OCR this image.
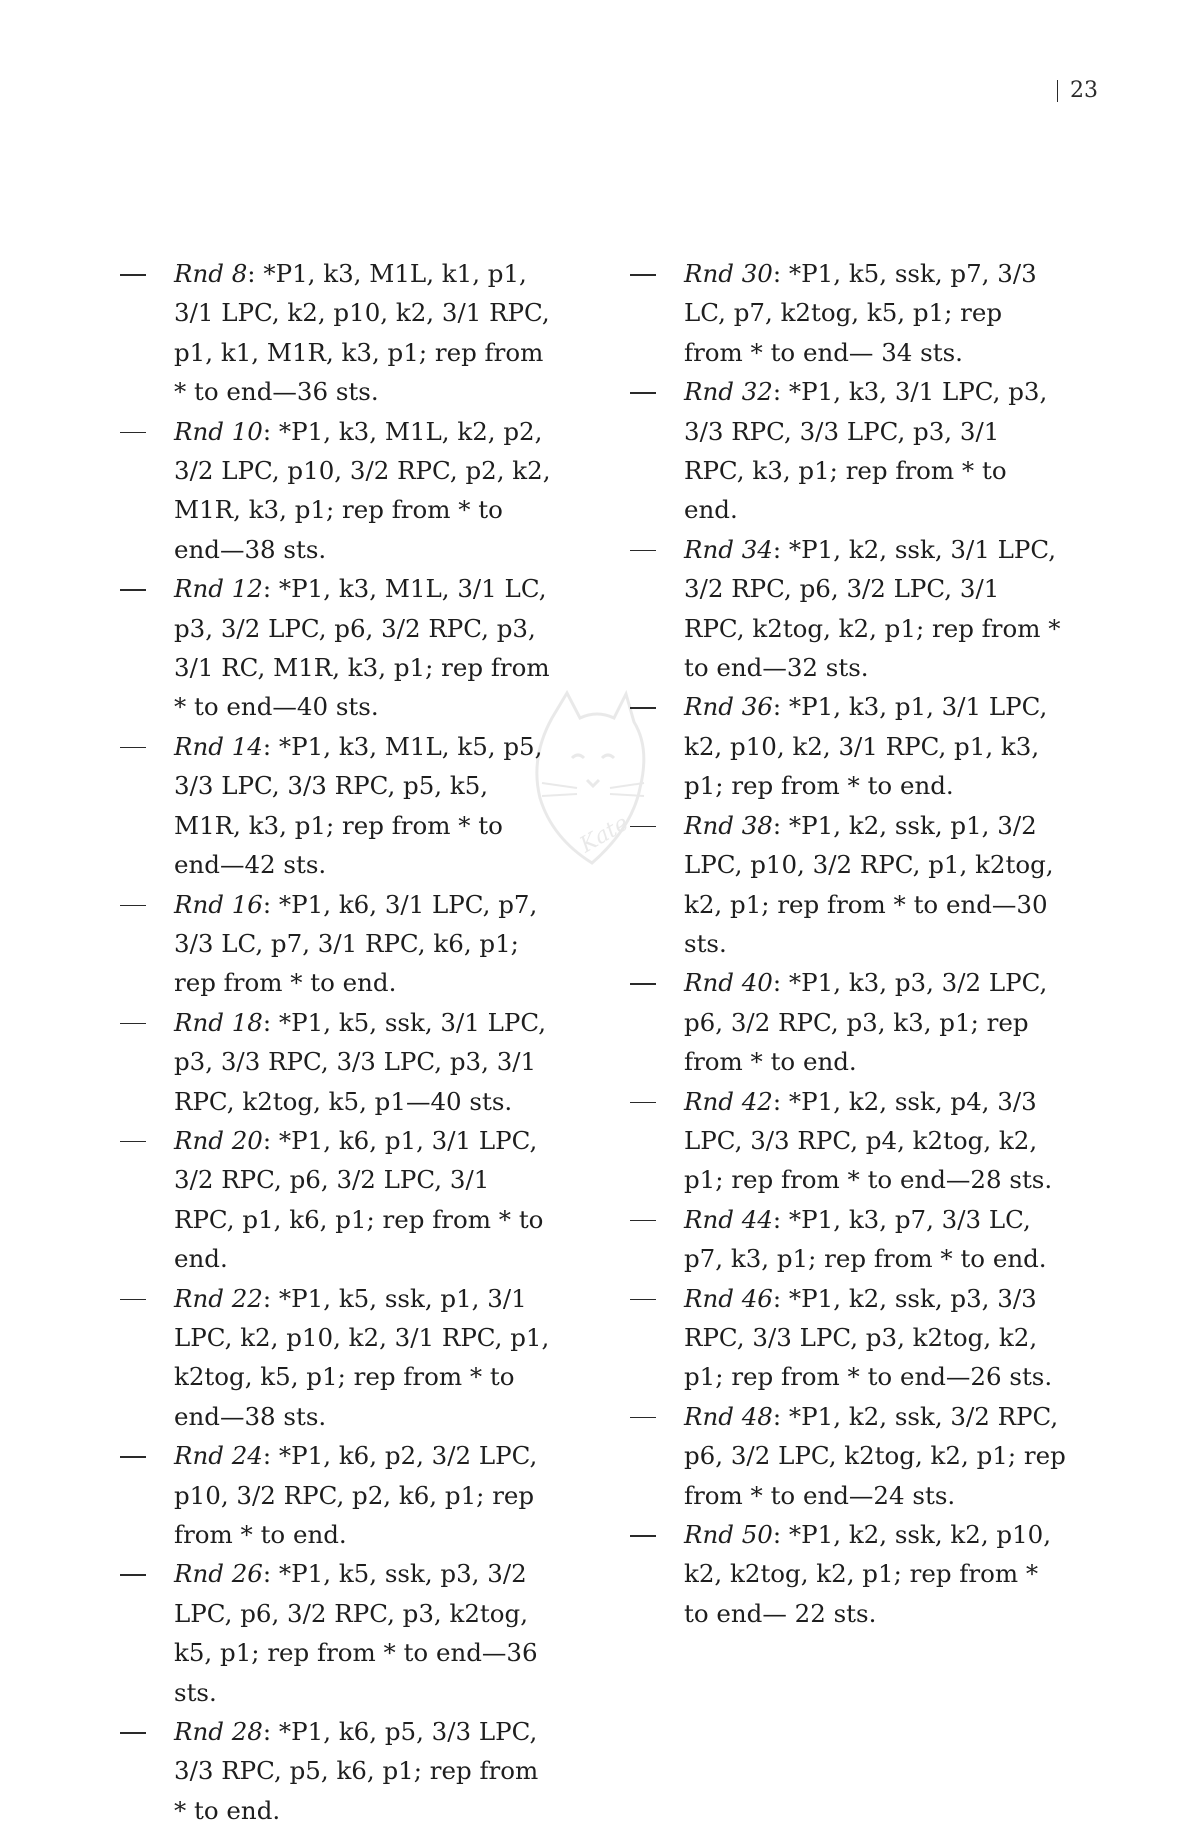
23
Kate
Rnd 8: *P1, k3, M1L, k1, p1, 3/1 LPC, k2, p10, k2, 3/1 RPC, p1, k1, M1R, k3, p1; rep from * to end—36 sts.
Rnd 10: *P1, k3, M1L, k2, p2, 3/2 LPC, p10, 3/2 RPC, p2, k2, M1R, k3, p1; rep from * to end—38 sts.
Rnd 12: *P1, k3, M1L, 3/1 LC, p3, 3/2 LPC, p6, 3/2 RPC, p3, 3/1 RC, M1R, k3, p1; rep from * to end—40 sts.
Rnd 14: *P1, k3, M1L, k5, p5, 3/3 LPC, 3/3 RPC, p5, k5, M1R, k3, p1; rep from * to end—42 sts.
Rnd 16: *P1, k6, 3/1 LPC, p7, 3/3 LC, p7, 3/1 RPC, k6, p1; rep from * to end.
Rnd 18: *P1, k5, ssk, 3/1 LPC, p3, 3/3 RPC, 3/3 LPC, p3, 3/1 RPC, k2tog, k5, p1—40 sts.
Rnd 20: *P1, k6, p1, 3/1 LPC, 3/2 RPC, p6, 3/2 LPC, 3/1 RPC, p1, k6, p1; rep from * to end.
Rnd 22: *P1, k5, ssk, p1, 3/1 LPC, k2, p10, k2, 3/1 RPC, p1, k2tog, k5, p1; rep from * to end—38 sts.
Rnd 24: *P1, k6, p2, 3/2 LPC, p10, 3/2 RPC, p2, k6, p1; rep from * to end.
Rnd 26: *P1, k5, ssk, p3, 3/2 LPC, p6, 3/2 RPC, p3, k2tog, k5, p1; rep from * to end—36 sts.
Rnd 28: *P1, k6, p5, 3/3 LPC, 3/3 RPC, p5, k6, p1; rep from * to end.
Rnd 30: *P1, k5, ssk, p7, 3/3 LC, p7, k2tog, k5, p1; rep from * to end— 34 sts.
Rnd 32: *P1, k3, 3/1 LPC, p3, 3/3 RPC, 3/3 LPC, p3, 3/1 RPC, k3, p1; rep from * to end.
Rnd 34: *P1, k2, ssk, 3/1 LPC, 3/2 RPC, p6, 3/2 LPC, 3/1 RPC, k2tog, k2, p1; rep from * to end—32 sts.
Rnd 36: *P1, k3, p1, 3/1 LPC, k2, p10, k2, 3/1 RPC, p1, k3, p1; rep from * to end.
Rnd 38: *P1, k2, ssk, p1, 3/2 LPC, p10, 3/2 RPC, p1, k2tog, k2, p1; rep from * to end—30 sts.
Rnd 40: *P1, k3, p3, 3/2 LPC, p6, 3/2 RPC, p3, k3, p1; rep from * to end.
Rnd 42: *P1, k2, ssk, p4, 3/3 LPC, 3/3 RPC, p4, k2tog, k2, p1; rep from * to end—28 sts.
Rnd 44: *P1, k3, p7, 3/3 LC, p7, k3, p1; rep from * to end.
Rnd 46: *P1, k2, ssk, p3, 3/3 RPC, 3/3 LPC, p3, k2tog, k2, p1; rep from * to end—26 sts.
Rnd 48: *P1, k2, ssk, 3/2 RPC, p6, 3/2 LPC, k2tog, k2, p1; rep from * to end—24 sts.
Rnd 50: *P1, k2, ssk, k2, p10, k2, k2tog, k2, p1; rep from * to end— 22 sts.
